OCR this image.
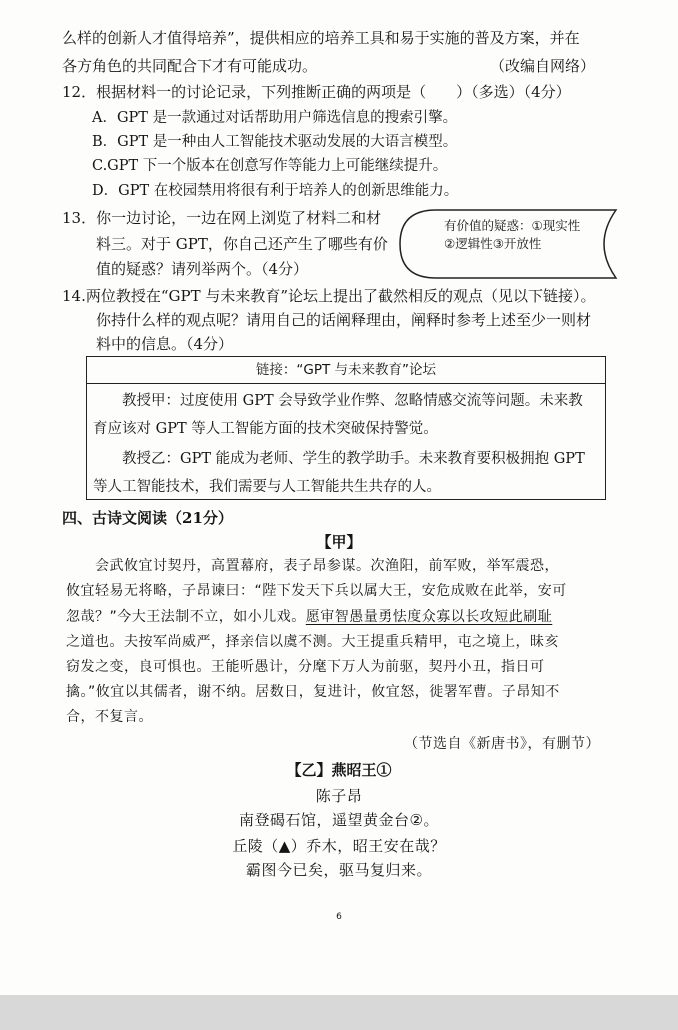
么样的创新人才值得培养”，提供相应的培养工具和易于实施的普及方案，并在
各方角色的共同配合下才有可能成功。	（改编自网络）
12．根据材料一的讨论记录，下列推断正确的两项是（　　）（多选）（4分）
A．GPT 是一款通过对话帮助用户筛选信息的搜索引擎。
B．GPT 是一种由人工智能技术驱动发展的大语言模型。
C.GPT 下一个版本在创意写作等能力上可能继续提升。
D．GPT 在校园禁用将很有利于培养人的创新思维能力。
13．你一边讨论，一边在网上浏览了材料二和材
料三。对于 GPT，你自己还产生了哪些有价
值的疑惑？请列举两个。（4分）
有价值的疑惑：①现实性②逻辑性③开放性
14.两位教授在“GPT 与未来教育”论坛上提出了截然相反的观点（见以下链接）。
你持什么样的观点呢？请用自己的话阐释理由，阐释时参考上述至少一则材
料中的信息。（4分）
链接：“GPT 与未来教育”论坛
　　教授甲：过度使用 GPT 会导致学业作弊、忽略情感交流等问题。未来教
育应该对 GPT 等人工智能方面的技术突破保持警觉。
　　教授乙：GPT 能成为老师、学生的教学助手。未来教育要积极拥抱 GPT
等人工智能技术，我们需要与人工智能共生共存的人。
四、古诗文阅读（21分）
【甲】
　　会武攸宜讨契丹，高置幕府，表子昂参谋。次渔阳，前军败，举军震恐，
攸宜轻易无将略，子昂谏曰：“陛下发天下兵以属大王，安危成败在此举，安可
忽哉？”今大王法制不立，如小儿戏。愿审智愚量勇怯度众寡以长攻短此刷耻
之道也。夫按军尚威严，择亲信以虞不测。大王提重兵精甲，屯之境上，昧亥
窃发之变，良可惧也。王能听愚计，分麾下万人为前驱，契丹小丑，指日可
擒。”攸宜以其儒者，谢不纳。居数日，复进计，攸宜怒，徙署军曹。子昂知不
合，不复言。
（节选自《新唐书》，有删节）
【乙】燕昭王①
陈子昂
南登碣石馆，遥望黄金台②。
丘陵（▲）乔木，昭王安在哉？
霸图今已矣，驱马复归来。
6
